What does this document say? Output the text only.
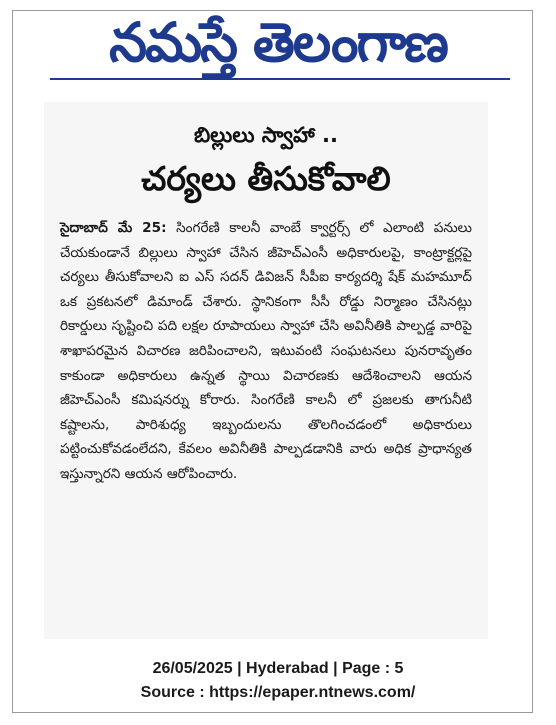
నమస్తే తెలంగాణ
బిల్లులు స్వాహా ..
చర్యలు తీసుకోవాలి

సైదాబాద్ మే 25: సింగరేణి కాలనీ వాంబే క్వార్టర్స్ లో ఎలాంటి పనులు చేయకుండానే బిల్లులు స్వాహా చేసిన జీహెచ్ఎంసీ అధికారులపై, కాంట్రాక్టర్లపై చర్యలు తీసుకోవాలని ఐ ఎస్ సదన్ డివిజన్ సీపీఐ కార్యదర్శి షేక్ మహమూద్ ఒక ప్రకటనలో డిమాండ్ చేశారు. స్థానికంగా సీసీ రోడ్డు నిర్మాణం చేసినట్లు రికార్డులు సృష్టించి పది లక్షల రూపాయలు స్వాహా చేసి అవినీతికి పాల్పడ్డ వారిపై శాఖాపరమైన విచారణ జరిపించాలని, ఇటువంటి సంఘటనలు పునరావృతం కాకుండా అధికారులు ఉన్నత స్థాయి విచారణకు ఆదేశించాలని ఆయన జీహెచ్ఎంసీ కమిషనర్ను కోరారు. సింగరేణి కాలనీ లో ప్రజలకు తాగునీటి కష్టాలను, పారిశుధ్య ఇబ్బందులను తొలగించడంలో అధికారులు పట్టించుకోవడంలేదని, కేవలం అవినీతికి పాల్పడడానికి వారు అధిక ప్రాధాన్యత ఇస్తున్నారని ఆయన ఆరోపించారు.

26/05/2025 | Hyderabad | Page : 5
Source : https://epaper.ntnews.com/
